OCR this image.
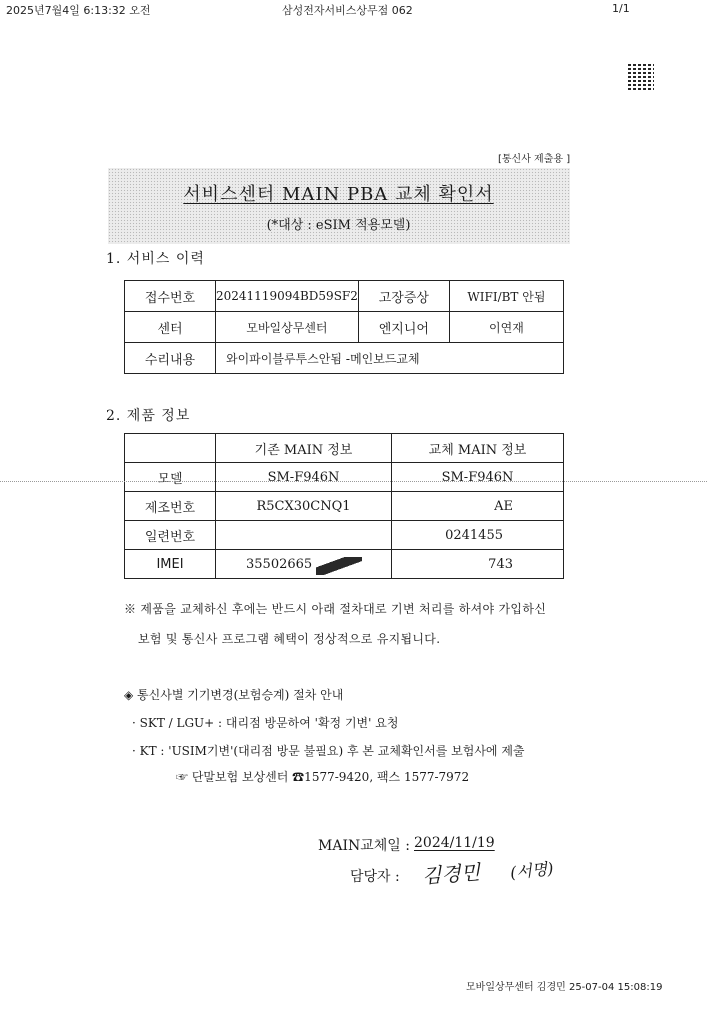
2025년7월4일 6:13:32 오전	삼성전자서비스상무점 062	1/1
[통신사 제출용 ]
서비스센터 MAIN PBA 교체 확인서
(*대상 : eSIM 적용모델)
1. 서비스 이력
접수번호	20241119094BD59SF2	고장증상	WIFI/BT 안됨
센터	모바일상무센터	엔지니어	이연재
수리내용	와이파이블루투스안됨 -메인보드교체		
2. 제품 정보
	기존 MAIN 정보	교체 MAIN 정보
모델	SM-F946N	SM-F946N
제조번호	R5CX30CNQ1	AE
일련번호		0241455
IMEI	35502665	743
※ 제품을 교체하신 후에는 반드시 아래 절차대로 기변 처리를 하셔야 가입하신
보험 및 통신사 프로그램 혜택이 정상적으로 유지됩니다.
◈ 통신사별 기기변경(보험승계) 절차 안내
· SKT / LGU+ : 대리점 방문하여 '확정 기변' 요청
· KT : 'USIM기변'(대리점 방문 불필요) 후 본 교체확인서를 보험사에 제출
☞ 단말보험 보상센터 ☎1577-9420, 팩스 1577-7972
MAIN교체일 : 2024/11/19
담당자 : 김경민 (서명)
모바일상무센터 김경민 25-07-04 15:08:19
